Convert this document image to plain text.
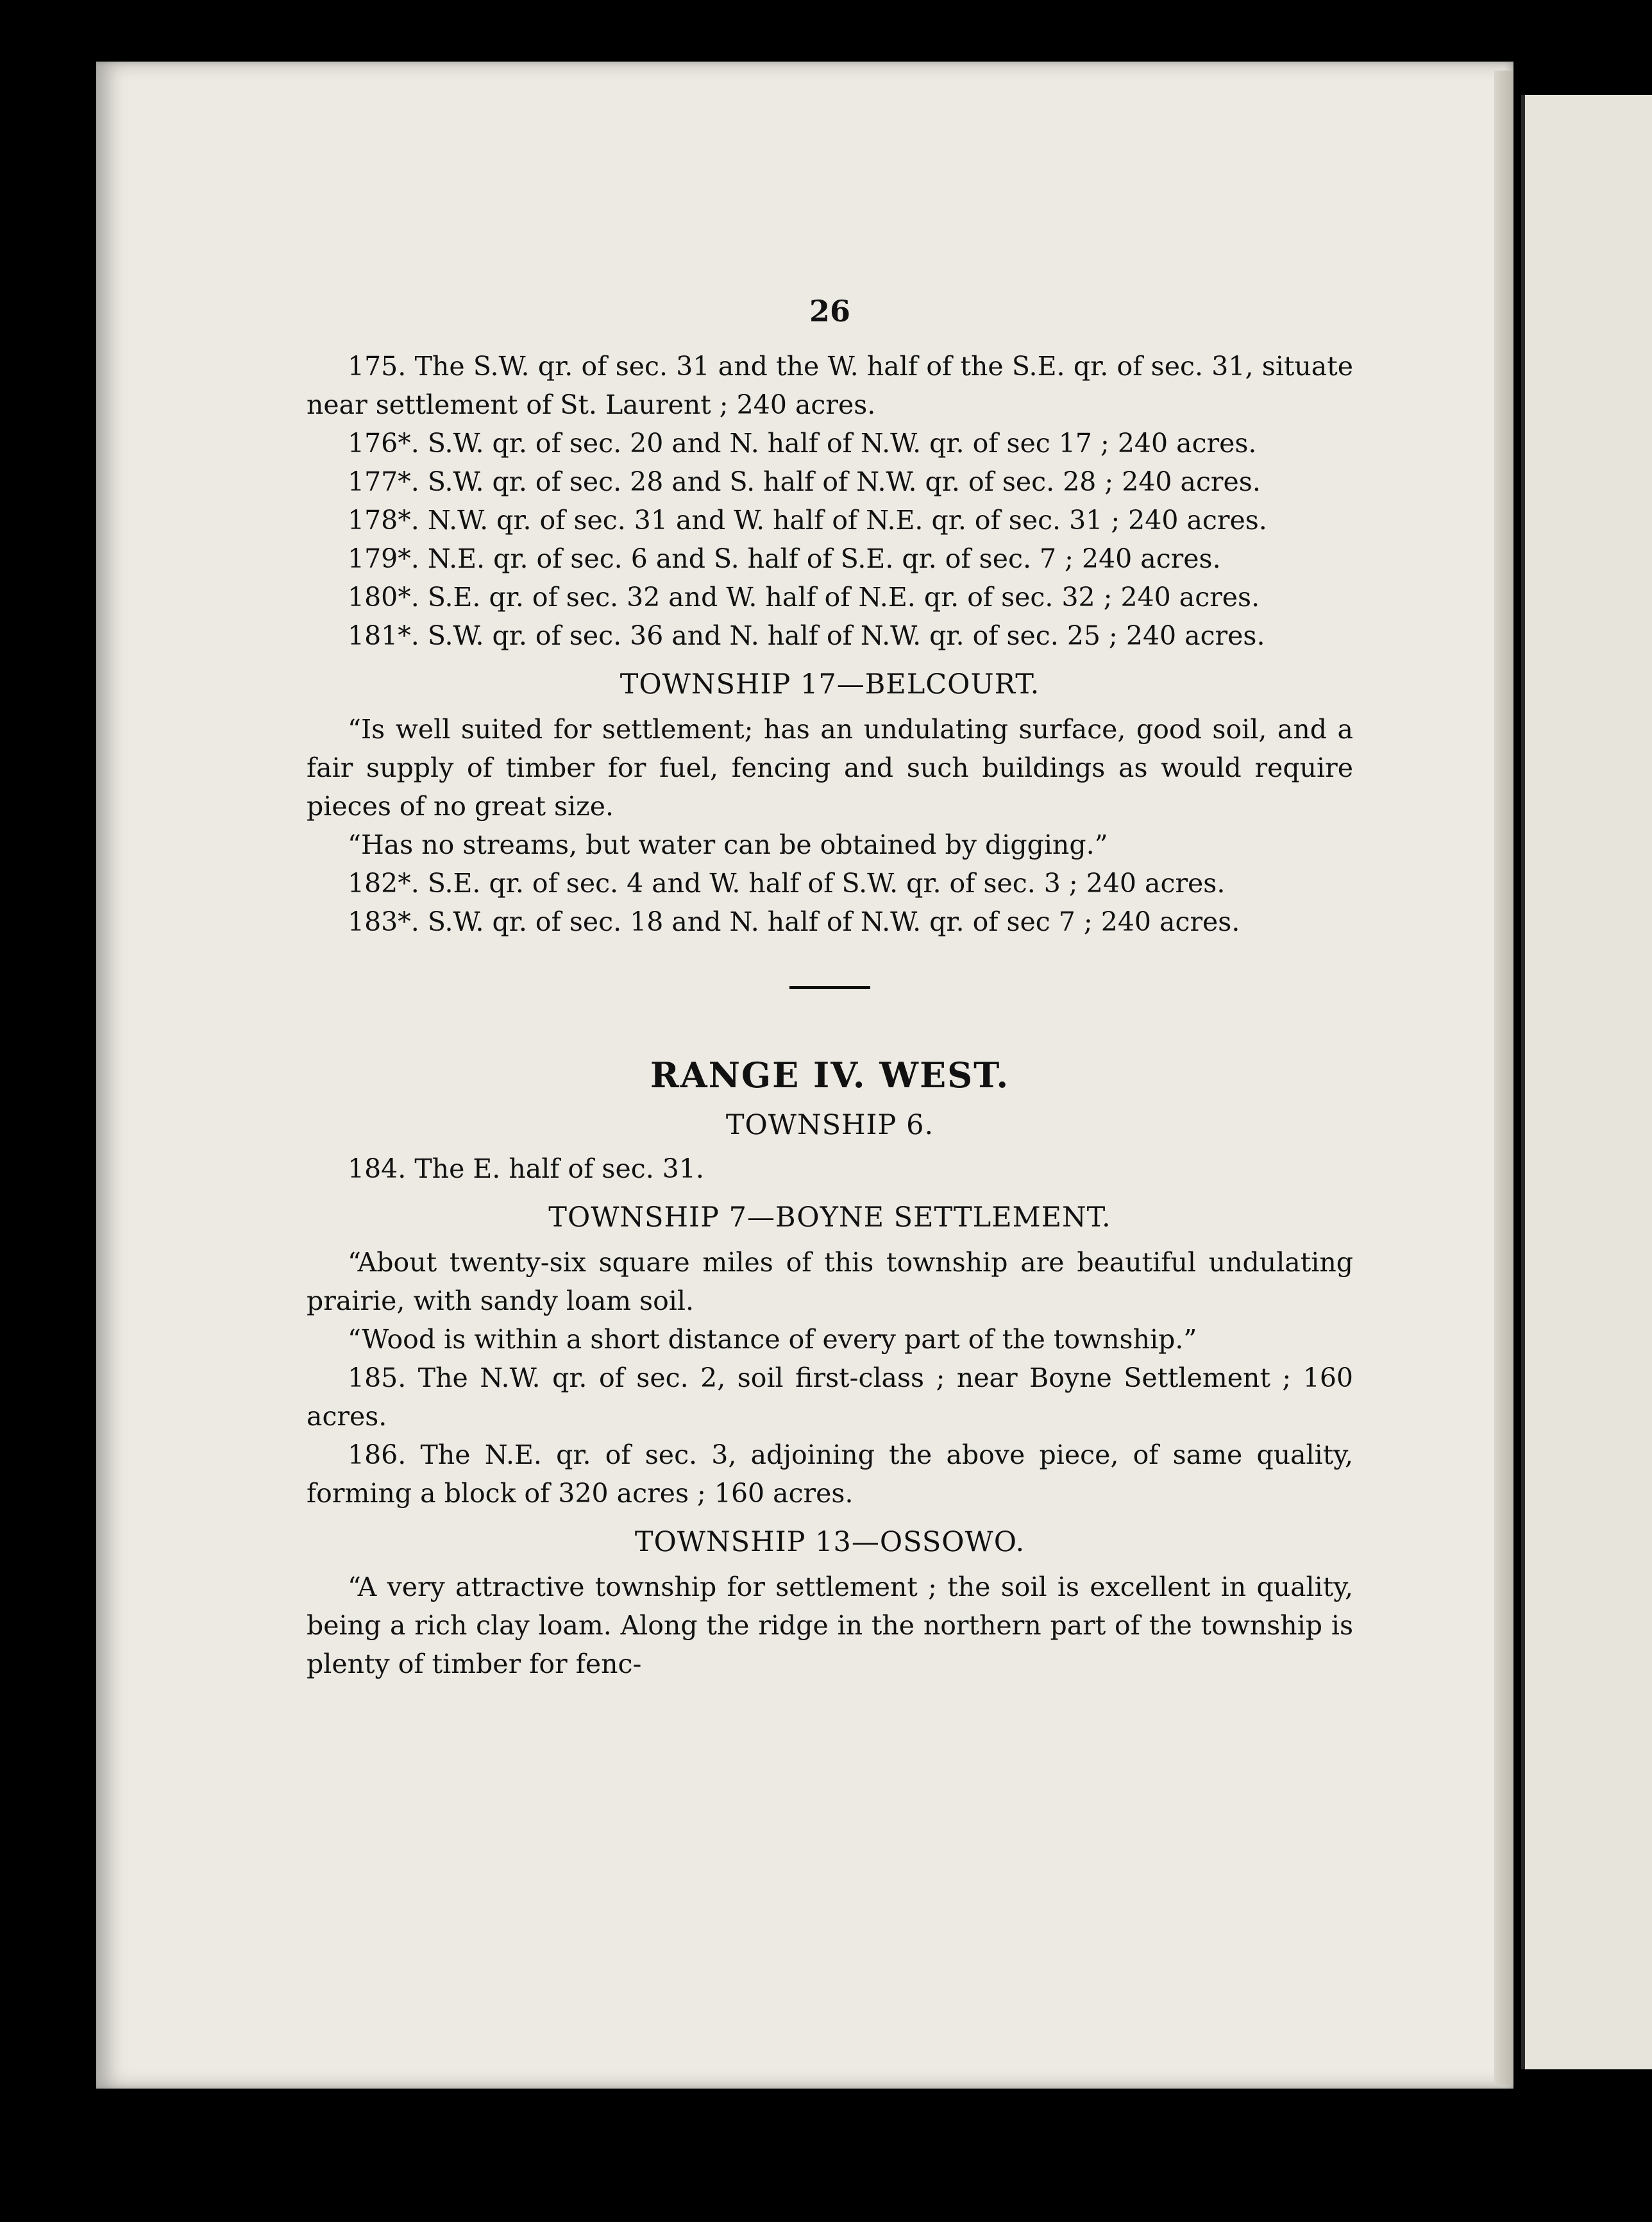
26

175. The S.W. qr. of sec. 31 and the W. half of the S.E. qr. of sec. 31, situate near settlement of St. Laurent ; 240 acres.

176*. S.W. qr. of sec. 20 and N. half of N.W. qr. of sec 17 ; 240 acres.

177*. S.W. qr. of sec. 28 and S. half of N.W. qr. of sec. 28 ; 240 acres.

178*. N.W. qr. of sec. 31 and W. half of N.E. qr. of sec. 31 ; 240 acres.

179*. N.E. qr. of sec. 6 and S. half of S.E. qr. of sec. 7 ; 240 acres.

180*. S.E. qr. of sec. 32 and W. half of N.E. qr. of sec. 32 ; 240 acres.

181*. S.W. qr. of sec. 36 and N. half of N.W. qr. of sec. 25 ; 240 acres.

TOWNSHIP 17—BELCOURT.

“Is well suited for settlement; has an undulating surface, good soil, and a fair supply of timber for fuel, fencing and such buildings as would require pieces of no great size.

“Has no streams, but water can be obtained by digging.”

182*. S.E. qr. of sec. 4 and W. half of S.W. qr. of sec. 3 ; 240 acres.

183*. S.W. qr. of sec. 18 and N. half of N.W. qr. of sec 7 ; 240 acres.

RANGE IV. WEST.

TOWNSHIP 6.

184. The E. half of sec. 31.

TOWNSHIP 7—BOYNE SETTLEMENT.

“About twenty-six square miles of this township are beautiful undulating prairie, with sandy loam soil.

“Wood is within a short distance of every part of the township.”

185. The N.W. qr. of sec. 2, soil first-class ; near Boyne Settlement ; 160 acres.

186. The N.E. qr. of sec. 3, adjoining the above piece, of same quality, forming a block of 320 acres ; 160 acres.

TOWNSHIP 13—OSSOWO.

“A very attractive township for settlement ; the soil is excellent in quality, being a rich clay loam. Along the ridge in the northern part of the township is plenty of timber for fenc-
